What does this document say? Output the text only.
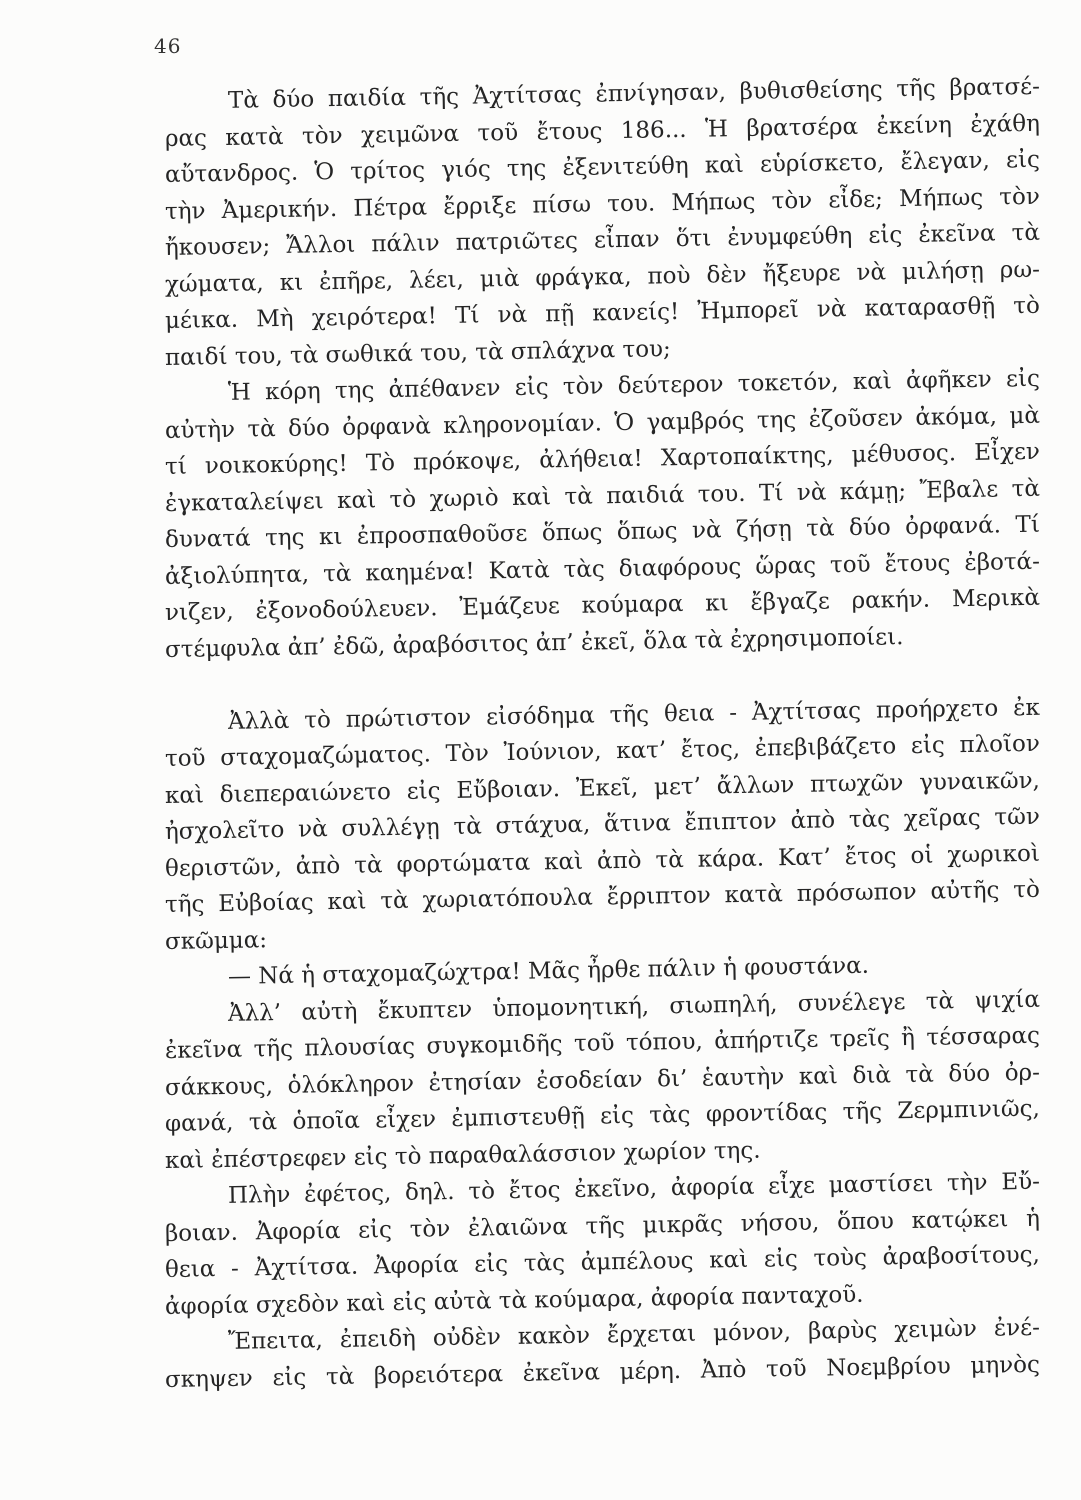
46
Τὰ δύο παιδία τῆς Ἀχτίτσας ἐπνίγησαν, βυθισθείσης τῆς βρατσέ-
ρας κατὰ τὸν χειμῶνα τοῦ ἔτους 186... Ἡ βρατσέρα ἐκείνη ἐχάθη
αὔτανδρος. Ὁ τρίτος γιός της ἐξενιτεύθη καὶ εὑρίσκετο, ἔλεγαν, εἰς
τὴν Ἀμερικήν. Πέτρα ἔρριξε πίσω του. Μήπως τὸν εἶδε; Μήπως τὸν
ἤκουσεν; Ἄλλοι πάλιν πατριῶτες εἶπαν ὅτι ἐνυμφεύθη εἰς ἐκεῖνα τὰ
χώματα, κι ἐπῆρε, λέει, μιὰ φράγκα, ποὺ δὲν ἤξευρε νὰ μιλήσῃ ρω-
μέικα. Μὴ χειρότερα! Τί νὰ πῇ κανείς! Ἠμπορεῖ νὰ καταρασθῇ τὸ
παιδί του, τὰ σωθικά του, τὰ σπλάχνα του;
Ἡ κόρη της ἀπέθανεν εἰς τὸν δεύτερον τοκετόν, καὶ ἀφῆκεν εἰς
αὐτὴν τὰ δύο ὀρφανὰ κληρονομίαν. Ὁ γαμβρός της ἐζοῦσεν ἀκόμα, μὰ
τί νοικοκύρης! Τὸ πρόκοψε, ἀλήθεια! Χαρτοπαίκτης, μέθυσος. Εἶχεν
ἐγκαταλείψει καὶ τὸ χωριὸ καὶ τὰ παιδιά του. Τί νὰ κάμῃ; Ἔβαλε τὰ
δυνατά της κι ἐπροσπαθοῦσε ὅπως ὅπως νὰ ζήσῃ τὰ δύο ὀρφανά. Τί
ἀξιολύπητα, τὰ καημένα! Κατὰ τὰς διαφόρους ὥρας τοῦ ἔτους ἐβοτά-
νιζεν, ἐξονοδούλευεν. Ἐμάζευε κούμαρα κι ἔβγαζε ρακήν. Μερικὰ
στέμφυλα ἀπ’ ἐδῶ, ἀραβόσιτος ἀπ’ ἐκεῖ, ὅλα τὰ ἐχρησιμοποίει.
Ἀλλὰ τὸ πρώτιστον εἰσόδημα τῆς θεια - Ἀχτίτσας προήρχετο ἐκ
τοῦ σταχομαζώματος. Τὸν Ἰούνιον, κατ’ ἔτος, ἐπεβιβάζετο εἰς πλοῖον
καὶ διεπεραιώνετο εἰς Εὔβοιαν. Ἐκεῖ, μετ’ ἄλλων πτωχῶν γυναικῶν,
ἠσχολεῖτο νὰ συλλέγῃ τὰ στάχυα, ἅτινα ἔπιπτον ἀπὸ τὰς χεῖρας τῶν
θεριστῶν, ἀπὸ τὰ φορτώματα καὶ ἀπὸ τὰ κάρα. Κατ’ ἔτος οἱ χωρικοὶ
τῆς Εὐβοίας καὶ τὰ χωριατόπουλα ἔρριπτον κατὰ πρόσωπον αὐτῆς τὸ
σκῶμμα:
— Νά ἡ σταχομαζώχτρα! Μᾶς ἦρθε πάλιν ἡ φουστάνα.
Ἀλλ’ αὐτὴ ἔκυπτεν ὑπομονητική, σιωπηλή, συνέλεγε τὰ ψιχία
ἐκεῖνα τῆς πλουσίας συγκομιδῆς τοῦ τόπου, ἀπήρτιζε τρεῖς ἢ τέσσαρας
σάκκους, ὁλόκληρον ἐτησίαν ἐσοδείαν δι’ ἑαυτὴν καὶ διὰ τὰ δύο ὀρ-
φανά, τὰ ὁποῖα εἶχεν ἐμπιστευθῇ εἰς τὰς φροντίδας τῆς Ζερμπινιῶς,
καὶ ἐπέστρεφεν εἰς τὸ παραθαλάσσιον χωρίον της.
Πλὴν ἐφέτος, δηλ. τὸ ἔτος ἐκεῖνο, ἀφορία εἶχε μαστίσει τὴν Εὔ-
βοιαν. Ἀφορία εἰς τὸν ἐλαιῶνα τῆς μικρᾶς νήσου, ὅπου κατῴκει ἡ
θεια - Ἀχτίτσα. Ἀφορία εἰς τὰς ἀμπέλους καὶ εἰς τοὺς ἀραβοσίτους,
ἀφορία σχεδὸν καὶ εἰς αὐτὰ τὰ κούμαρα, ἀφορία πανταχοῦ.
Ἔπειτα, ἐπειδὴ οὐδὲν κακὸν ἔρχεται μόνον, βαρὺς χειμὼν ἐνέ-
σκηψεν εἰς τὰ βορειότερα ἐκεῖνα μέρη. Ἀπὸ τοῦ Νοεμβρίου μηνὸς
